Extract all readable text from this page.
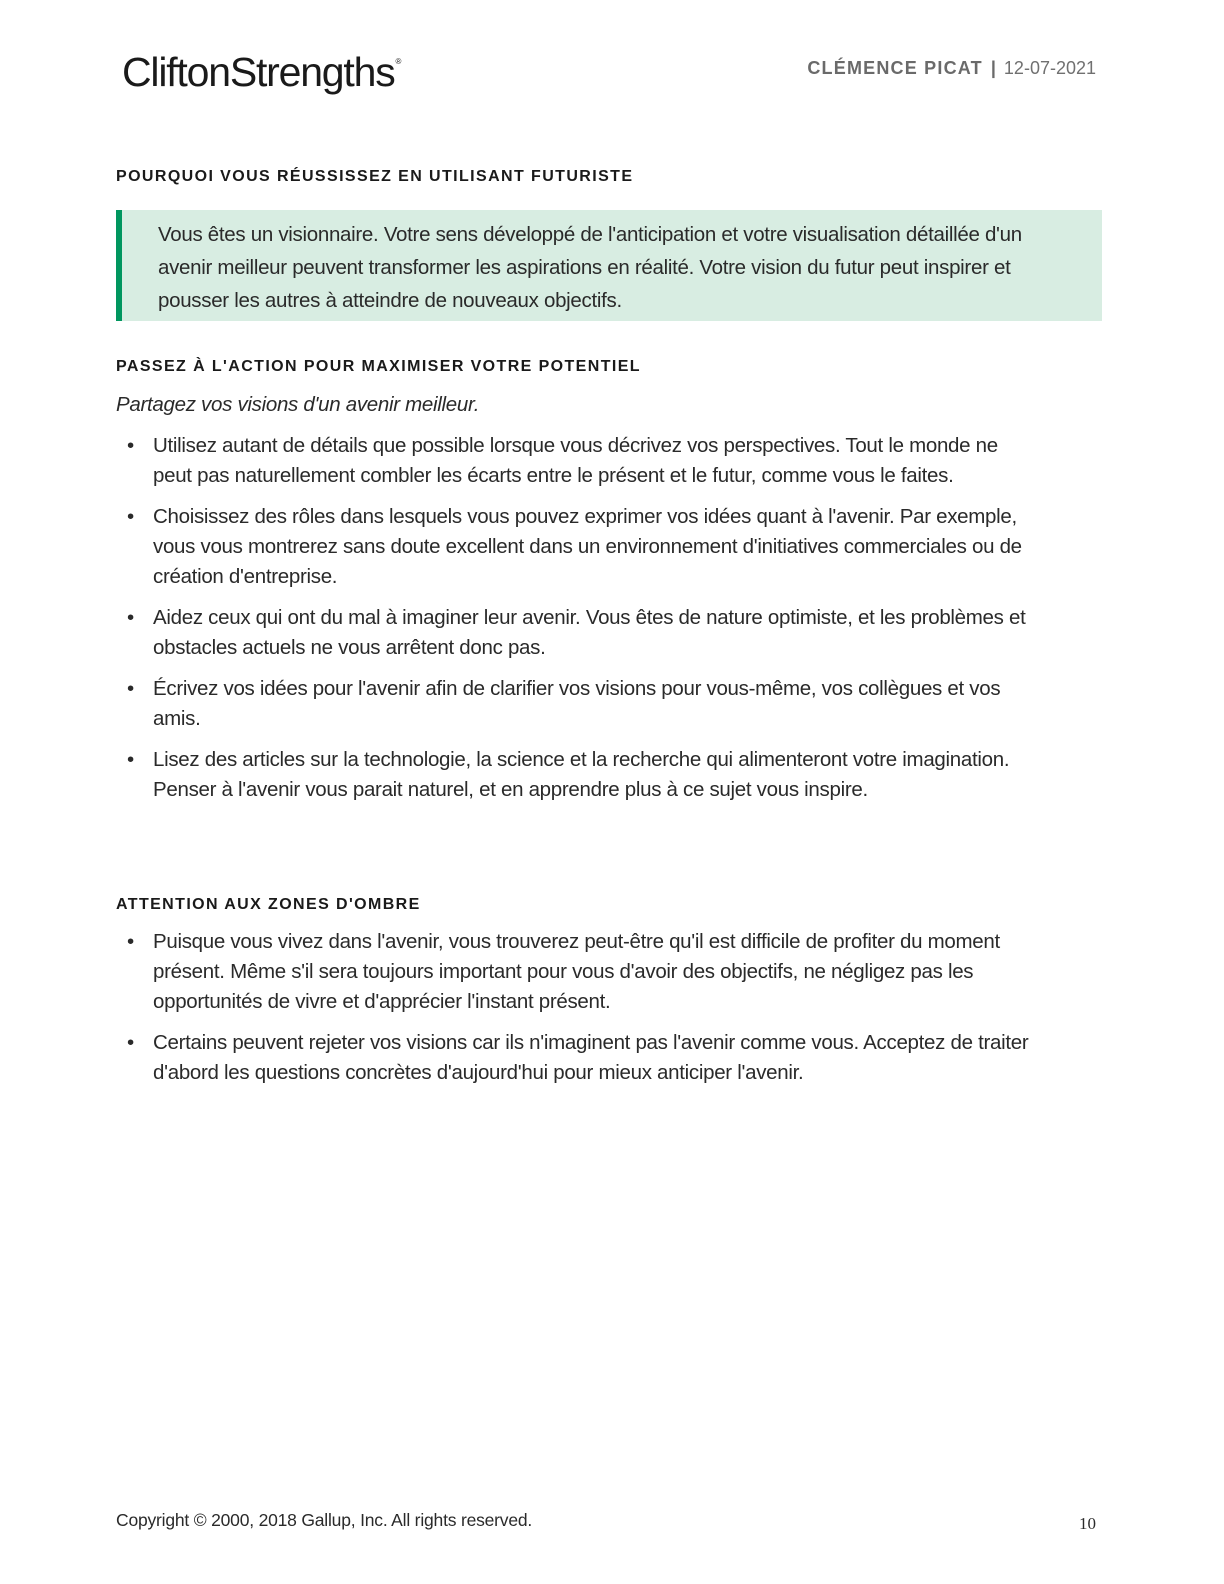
CliftonStrengths®	CLÉMENCE PICAT | 12-07-2021
POURQUOI VOUS RÉUSSISSEZ EN UTILISANT FUTURISTE

Vous êtes un visionnaire. Votre sens développé de l'anticipation et votre visualisation détaillée d'un avenir meilleur peuvent transformer les aspirations en réalité. Votre vision du futur peut inspirer et pousser les autres à atteindre de nouveaux objectifs.

PASSEZ À L'ACTION POUR MAXIMISER VOTRE POTENTIEL

Partagez vos visions d'un avenir meilleur.

• Utilisez autant de détails que possible lorsque vous décrivez vos perspectives. Tout le monde ne peut pas naturellement combler les écarts entre le présent et le futur, comme vous le faites.
• Choisissez des rôles dans lesquels vous pouvez exprimer vos idées quant à l'avenir. Par exemple, vous vous montrerez sans doute excellent dans un environnement d'initiatives commerciales ou de création d'entreprise.
• Aidez ceux qui ont du mal à imaginer leur avenir. Vous êtes de nature optimiste, et les problèmes et obstacles actuels ne vous arrêtent donc pas.
• Écrivez vos idées pour l'avenir afin de clarifier vos visions pour vous-même, vos collègues et vos amis.
• Lisez des articles sur la technologie, la science et la recherche qui alimenteront votre imagination. Penser à l'avenir vous parait naturel, et en apprendre plus à ce sujet vous inspire.
ATTENTION AUX ZONES D'OMBRE
• Puisque vous vivez dans l'avenir, vous trouverez peut-être qu'il est difficile de profiter du moment présent. Même s'il sera toujours important pour vous d'avoir des objectifs, ne négligez pas les opportunités de vivre et d'apprécier l'instant présent.
• Certains peuvent rejeter vos visions car ils n'imaginent pas l'avenir comme vous. Acceptez de traiter d'abord les questions concrètes d'aujourd'hui pour mieux anticiper l'avenir.
Copyright © 2000, 2018 Gallup, Inc. All rights reserved.	10
